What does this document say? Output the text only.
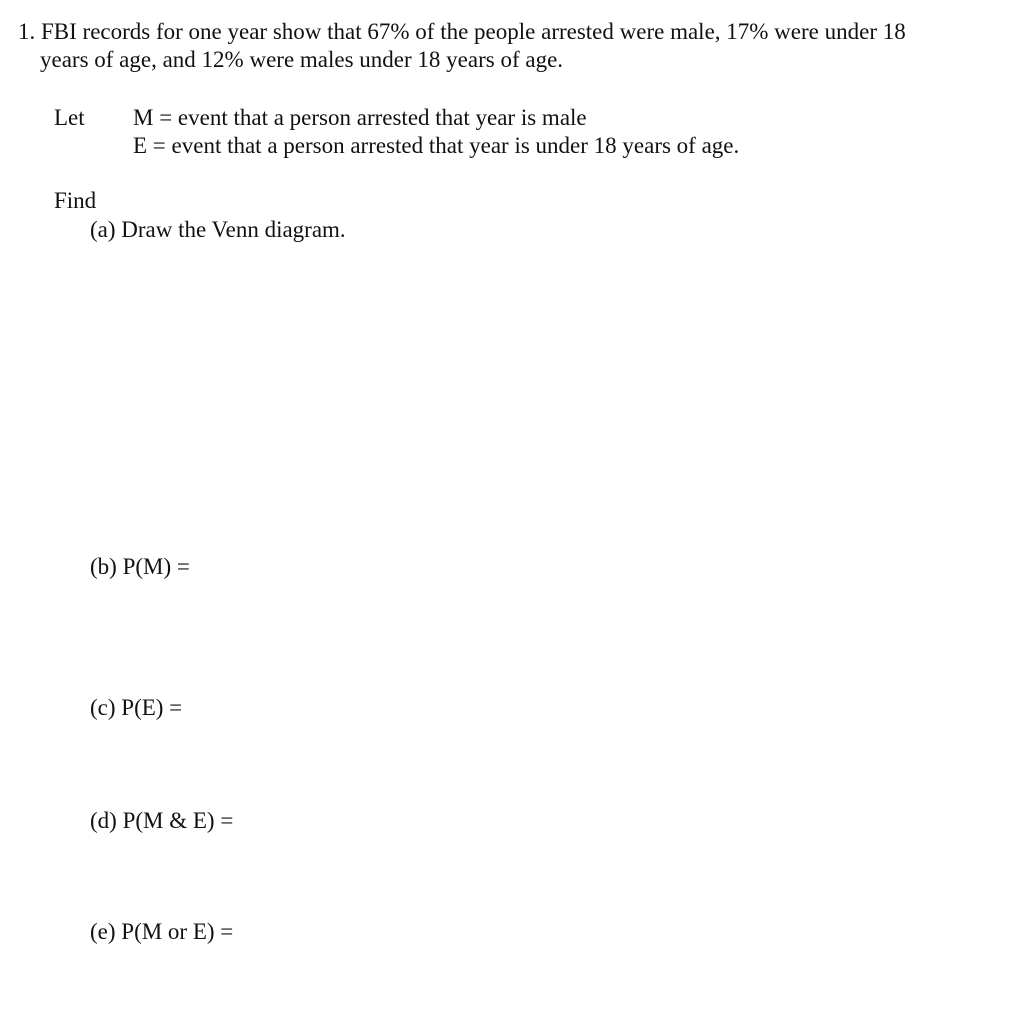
1. FBI records for one year show that 67% of the people arrested were male, 17% were under 18
years of age, and 12% were males under 18 years of age.
Let M = event that a person arrested that year is male
E = event that a person arrested that year is under 18 years of age.
Find
(a) Draw the Venn diagram.
(b) P(M) =
(c) P(E) =
(d) P(M & E) =
(e) P(M or E) =
